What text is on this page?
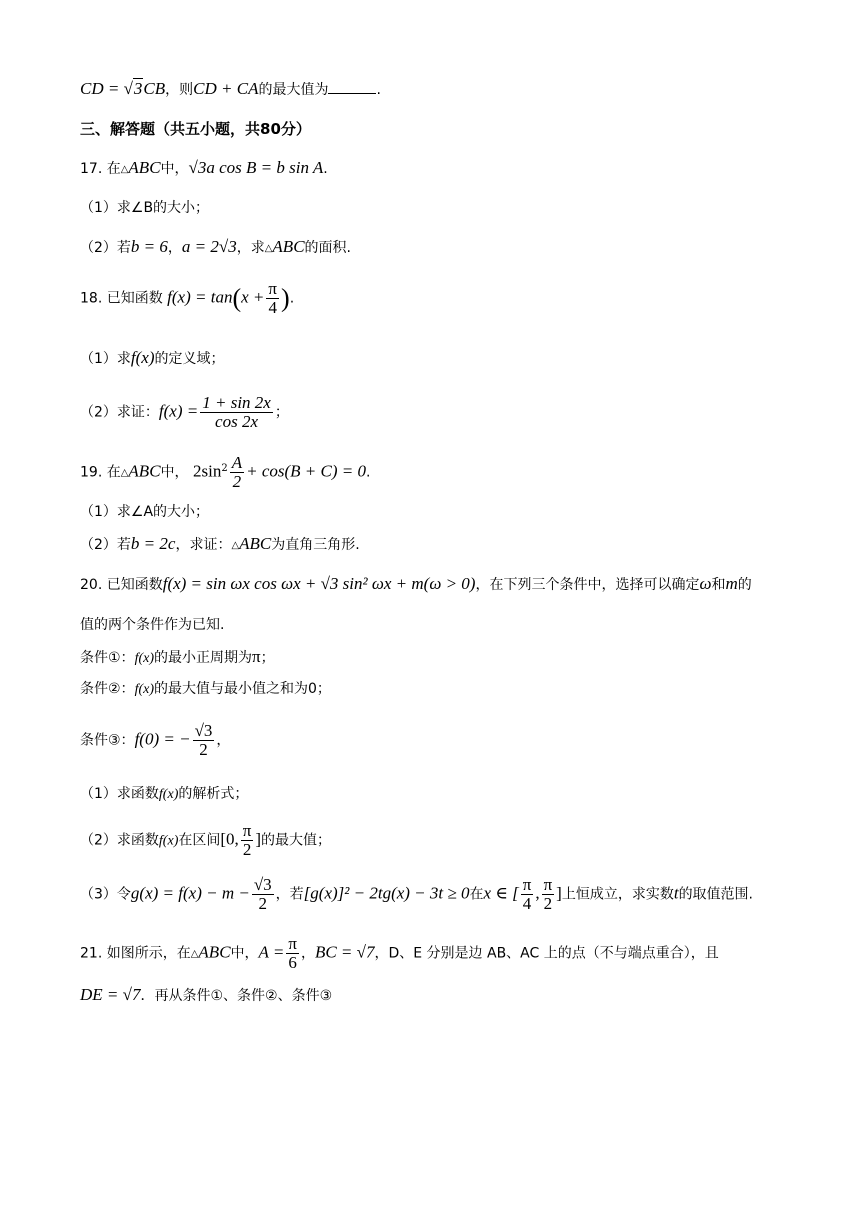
CD = √3CB，则CD + CA的最大值为	.
三、解答题（共五小题，共80分）
17. 在△ABC中，√3a cos B = b sin A.
（1）求∠B的大小；
（2）若b = 6，a = 2√3，求△ABC的面积.
18. 已知函数 $f(x) = \tan(x + \frac{\pi}{4}$ ).
（1）求f(x)的定义域；
（2）求证：$f(x) = \frac{1 + \sin 2x}{\cos 2x}$ ；
19. 在△ABC中， $2\sin^2 \frac{A}{2} + \cos(B + C) = 0$.
（1）求∠A的大小；
（2）若b = 2c，求证：△ABC为直角三角形.
20. 已知函数f(x) = sin ωx cos ωx + √3 sin² ωx + m(ω > 0)，在下列三个条件中，选择可以确定ω和m的
值的两个条件作为已知.
条件①：f(x)的最小正周期为π；
条件②：f(x)的最大值与最小值之和为0；
条件③：f(0) = − $\frac{√3}{2}$ ，
（1）求函数f(x)的解析式；
（2）求函数f(x)在区间[0, $\frac{\pi}{2}$ ]的最大值；
（3）令$g(x) = f(x) - m - \frac{√3}{2}$ ，若[g(x)]² − 2tg(x) − 3t ≥ 0在x ∈ [ $\frac{\pi}{4}$ , $\frac{\pi}{2}$ ]上恒成立，求实数t的取值范围.
21. 如图所示，在△ABC中，$A = \frac{\pi}{6}$ ，BC = √7，D、E 分别是边 AB、AC 上的点（不与端点重合），且
DE = √7．再从条件①、条件②、条件③
